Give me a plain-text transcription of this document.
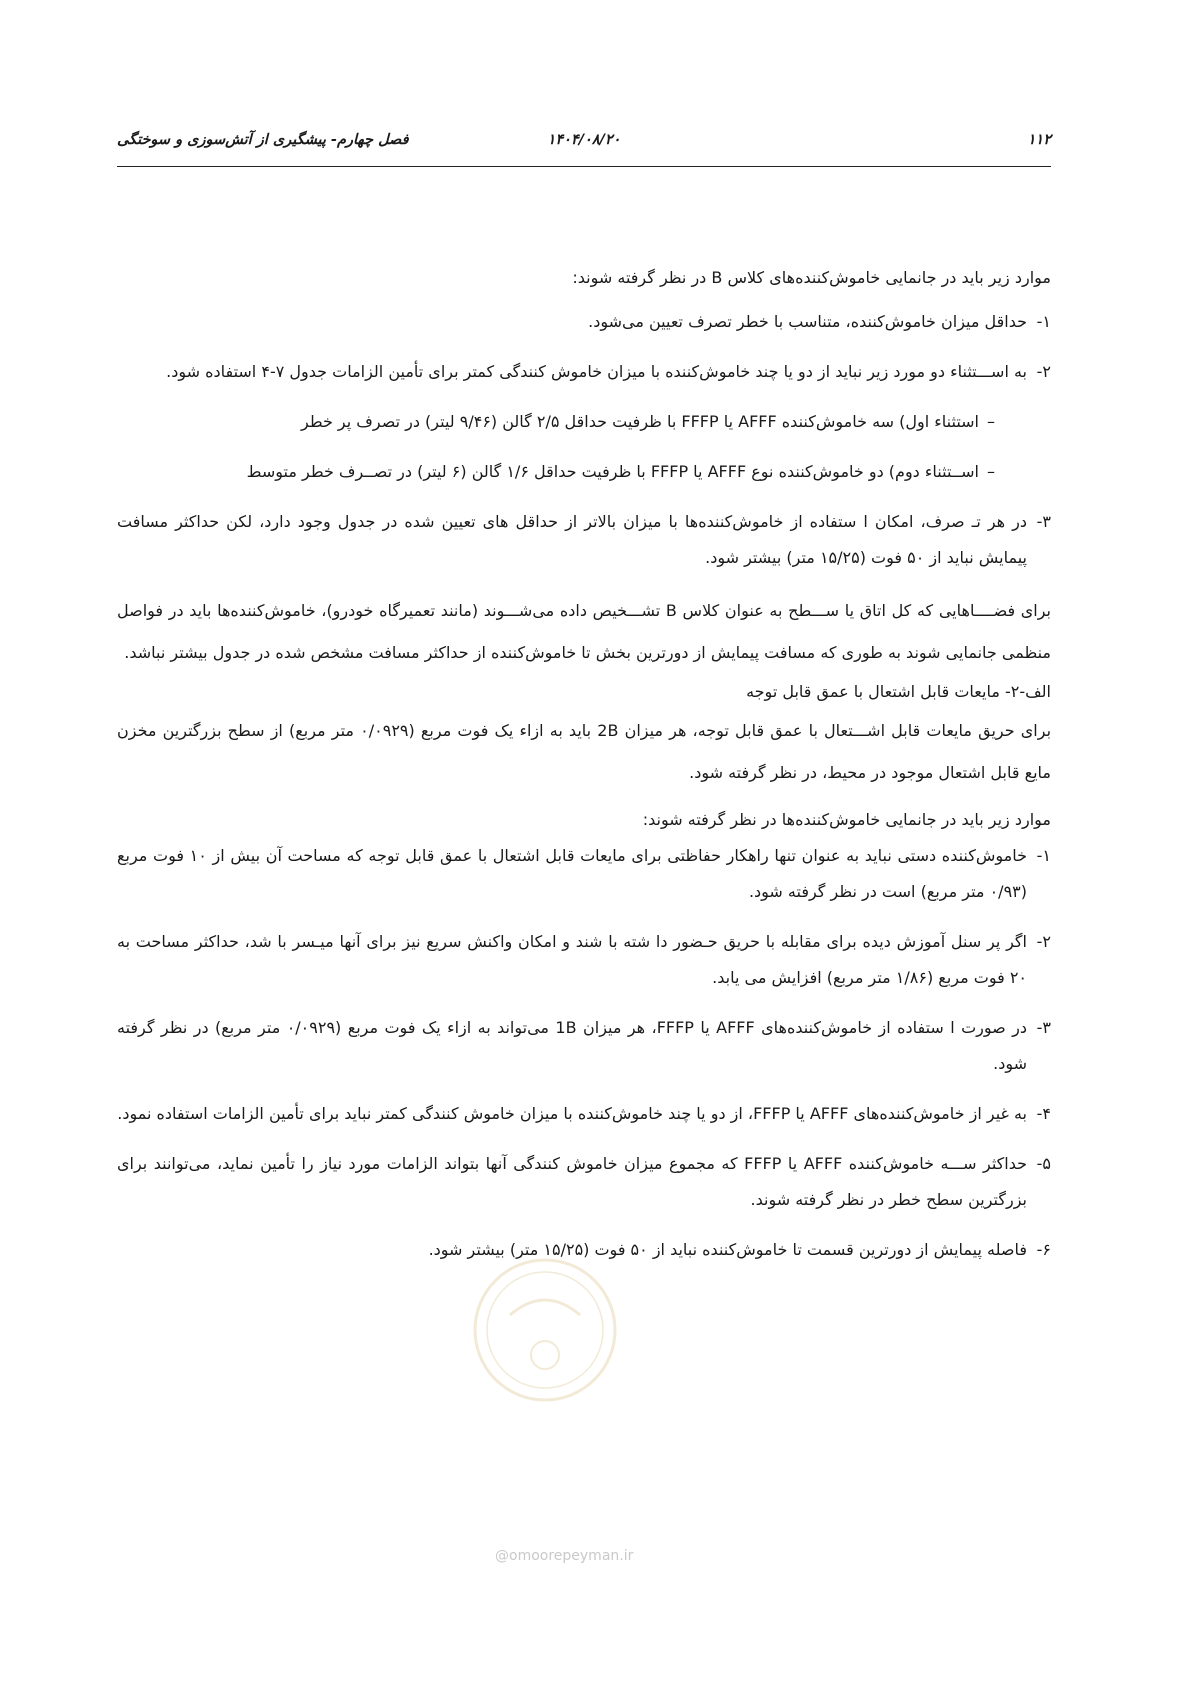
۱۱۲
۱۴۰۴/۰۸/۲۰
فصل چهارم- پیشگیری از آتش‌سوزی و سوختگی

موارد زیر باید در جانمایی خاموش‌کننده‌های کلاس B در نظر گرفته شوند:

۱-
حداقل میزان خاموش‌کننده، متناسب با خطر تصرف تعیین می‌شود.
۲-
به اســـتثناء دو مورد زیر نباید از دو یا چند خاموش‌کننده با میزان خاموش کنندگی کمتر برای تأمین الزامات جدول ۷-۴ استفاده شود.
–
استثناء اول) سه خاموش‌کننده AFFF یا FFFP با ظرفیت حداقل ۲/۵ گالن (۹/۴۶ لیتر) در تصرف پر خطر
–
اســتثناء دوم) دو خاموش‌کننده نوع AFFF یا FFFP با ظرفیت حداقل ۱/۶ گالن (۶ لیتر) در تصــرف خطر متوسط
۳-
در هر تـ صرف، امکان ا ستفاده از خاموش‌کننده‌ها با میزان بالاتر از حداقل های تعیین شده در جدول وجود دارد، لکن حداکثر مسافت پیمایش نباید از ۵۰ فوت (۱۵/۲۵ متر) بیشتر شود.

برای فضــــاهایی که کل اتاق یا ســـطح به عنوان کلاس B تشـــخیص داده می‌شـــوند (مانند تعمیرگاه خودرو)، خاموش‌کننده‌ها باید در فواصل منظمی جانمایی شوند به طوری که مسافت پیمایش از دورترین بخش تا خاموش‌کننده از حداکثر مسافت مشخص شده در جدول بیشتر نباشد.

الف-۲- مایعات قابل اشتعال با عمق قابل توجه

برای حریق مایعات قابل اشـــتعال با عمق قابل توجه، هر میزان 2B باید به ازاء یک فوت مربع (۰/۰۹۲۹ متر مربع) از سطح بزرگترین مخزن مایع قابل اشتعال موجود در محیط، در نظر گرفته شود.

موارد زیر باید در جانمایی خاموش‌کننده‌ها در نظر گرفته شوند:

۱-
خاموش‌کننده دستی نباید به عنوان تنها راهکار حفاظتی برای مایعات قابل اشتعال با عمق قابل توجه که مساحت آن بیش از ۱۰ فوت مربع (۰/۹۳ متر مربع) است در نظر گرفته شود.
۲-
اگر پر سنل آموزش دیده برای مقابله با حریق حـضور دا شته با شند و امکان واکنش سریع نیز برای آنها میـسر با شد، حداکثر مساحت به ۲۰ فوت مربع (۱/۸۶ متر مربع) افزایش می یابد.
۳-
در صورت ا ستفاده از خاموش‌کننده‌های AFFF یا FFFP، هر میزان 1B می‌تواند به ازاء یک فوت مربع (۰/۰۹۲۹ متر مربع) در نظر گرفته شود.
۴-
به غیر از خاموش‌کننده‌های AFFF یا FFFP، از دو یا چند خاموش‌کننده با میزان خاموش کنندگی کمتر نباید برای تأمین الزامات استفاده نمود.
۵-
حداکثر ســـه خاموش‌کننده AFFF یا FFFP که مجموع میزان خاموش کنندگی آنها بتواند الزامات مورد نیاز را تأمین نماید، می‌توانند برای بزرگترین سطح خطر در نظر گرفته شوند.
۶-
فاصله پیمایش از دورترین قسمت تا خاموش‌کننده نباید از ۵۰ فوت (۱۵/۲۵ متر) بیشتر شود.
@omoorepeyman.ir
